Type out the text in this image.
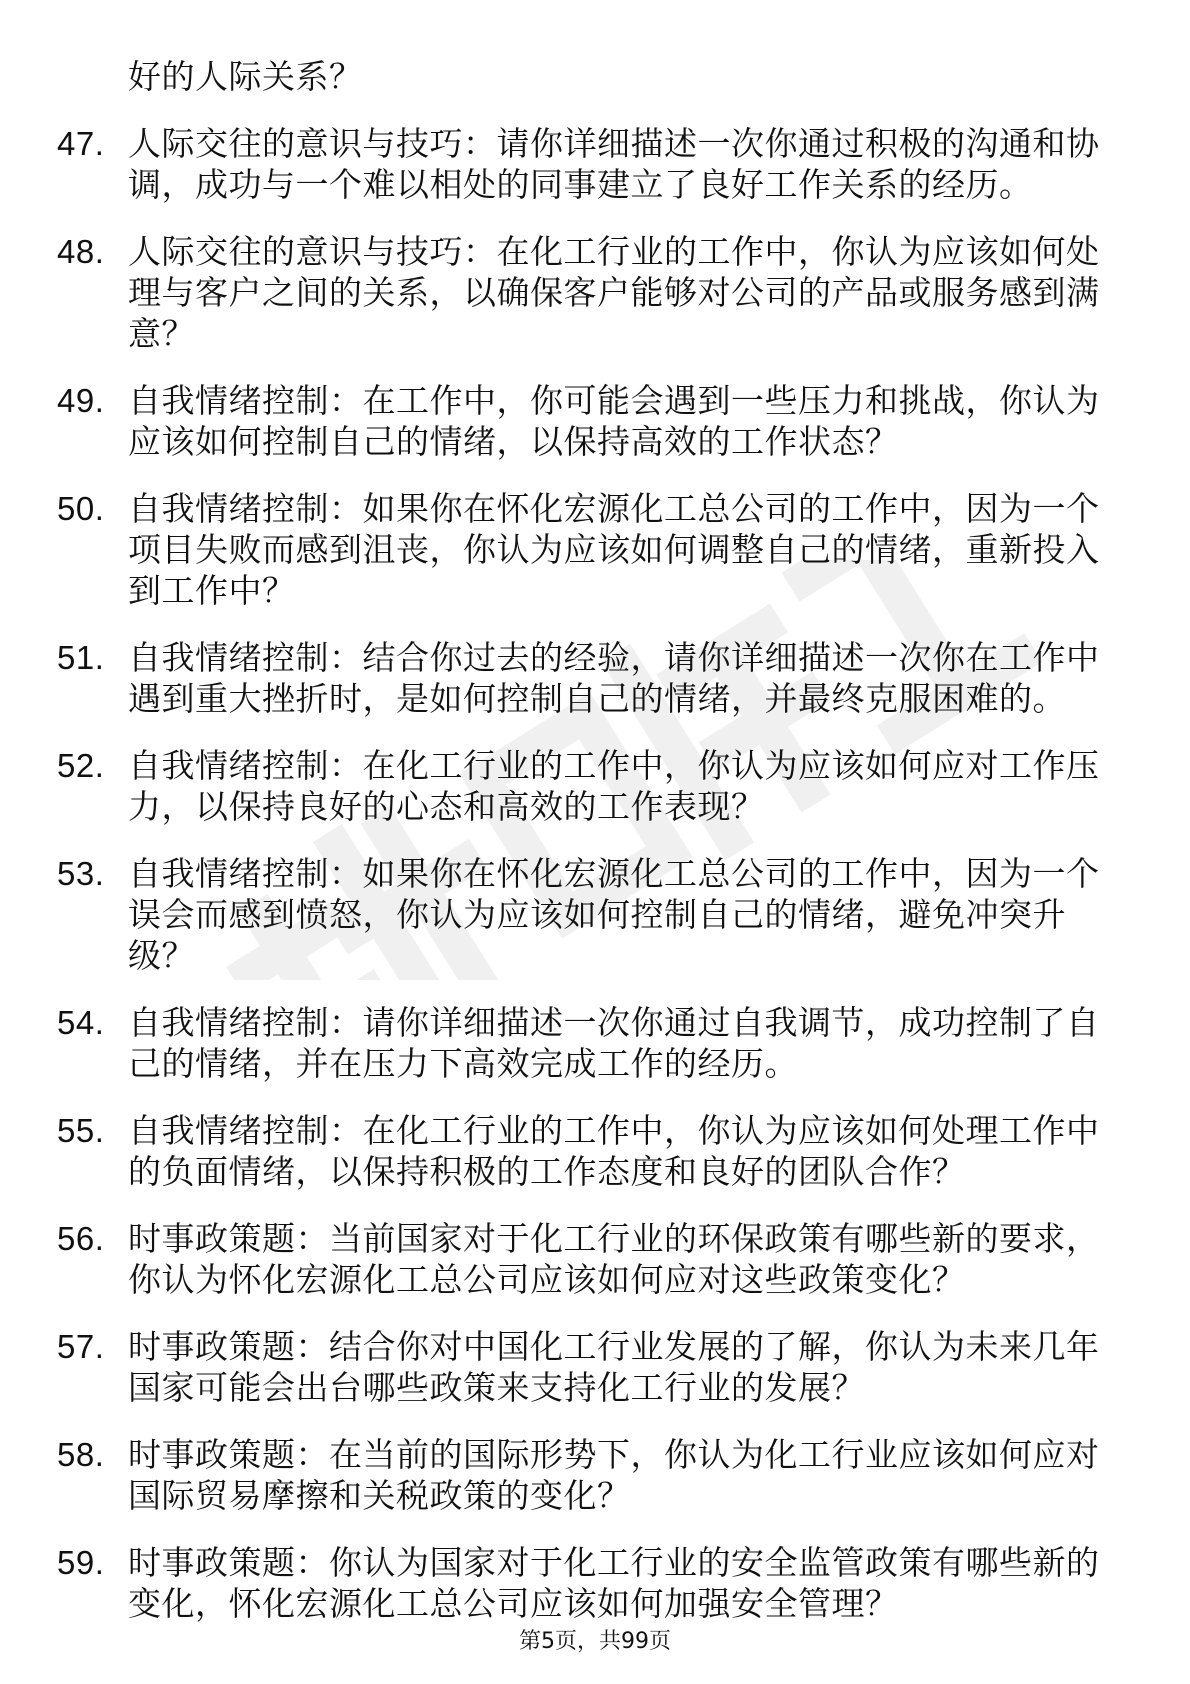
好的人际关系？
47. 人际交往的意识与技巧：请你详细描述一次你通过积极的沟通和协调，成功与一个难以相处的同事建立了良好工作关系的经历。
48. 人际交往的意识与技巧：在化工行业的工作中，你认为应该如何处理与客户之间的关系，以确保客户能够对公司的产品或服务感到满意？
49. 自我情绪控制：在工作中，你可能会遇到一些压力和挑战，你认为应该如何控制自己的情绪，以保持高效的工作状态？
50. 自我情绪控制：如果你在怀化宏源化工总公司的工作中，因为一个项目失败而感到沮丧，你认为应该如何调整自己的情绪，重新投入到工作中？
51. 自我情绪控制：结合你过去的经验，请你详细描述一次你在工作中遇到重大挫折时，是如何控制自己的情绪，并最终克服困难的。
52. 自我情绪控制：在化工行业的工作中，你认为应该如何应对工作压力，以保持良好的心态和高效的工作表现？
53. 自我情绪控制：如果你在怀化宏源化工总公司的工作中，因为一个误会而感到愤怒，你认为应该如何控制自己的情绪，避免冲突升级？
54. 自我情绪控制：请你详细描述一次你通过自我调节，成功控制了自己的情绪，并在压力下高效完成工作的经历。
55. 自我情绪控制：在化工行业的工作中，你认为应该如何处理工作中的负面情绪，以保持积极的工作态度和良好的团队合作？
56. 时事政策题：当前国家对于化工行业的环保政策有哪些新的要求，你认为怀化宏源化工总公司应该如何应对这些政策变化？
57. 时事政策题：结合你对中国化工行业发展的了解，你认为未来几年国家可能会出台哪些政策来支持化工行业的发展？
58. 时事政策题：在当前的国际形势下，你认为化工行业应该如何应对国际贸易摩擦和关税政策的变化？
59. 时事政策题：你认为国家对于化工行业的安全监管政策有哪些新的变化，怀化宏源化工总公司应该如何加强安全管理？
第5页，共99页
